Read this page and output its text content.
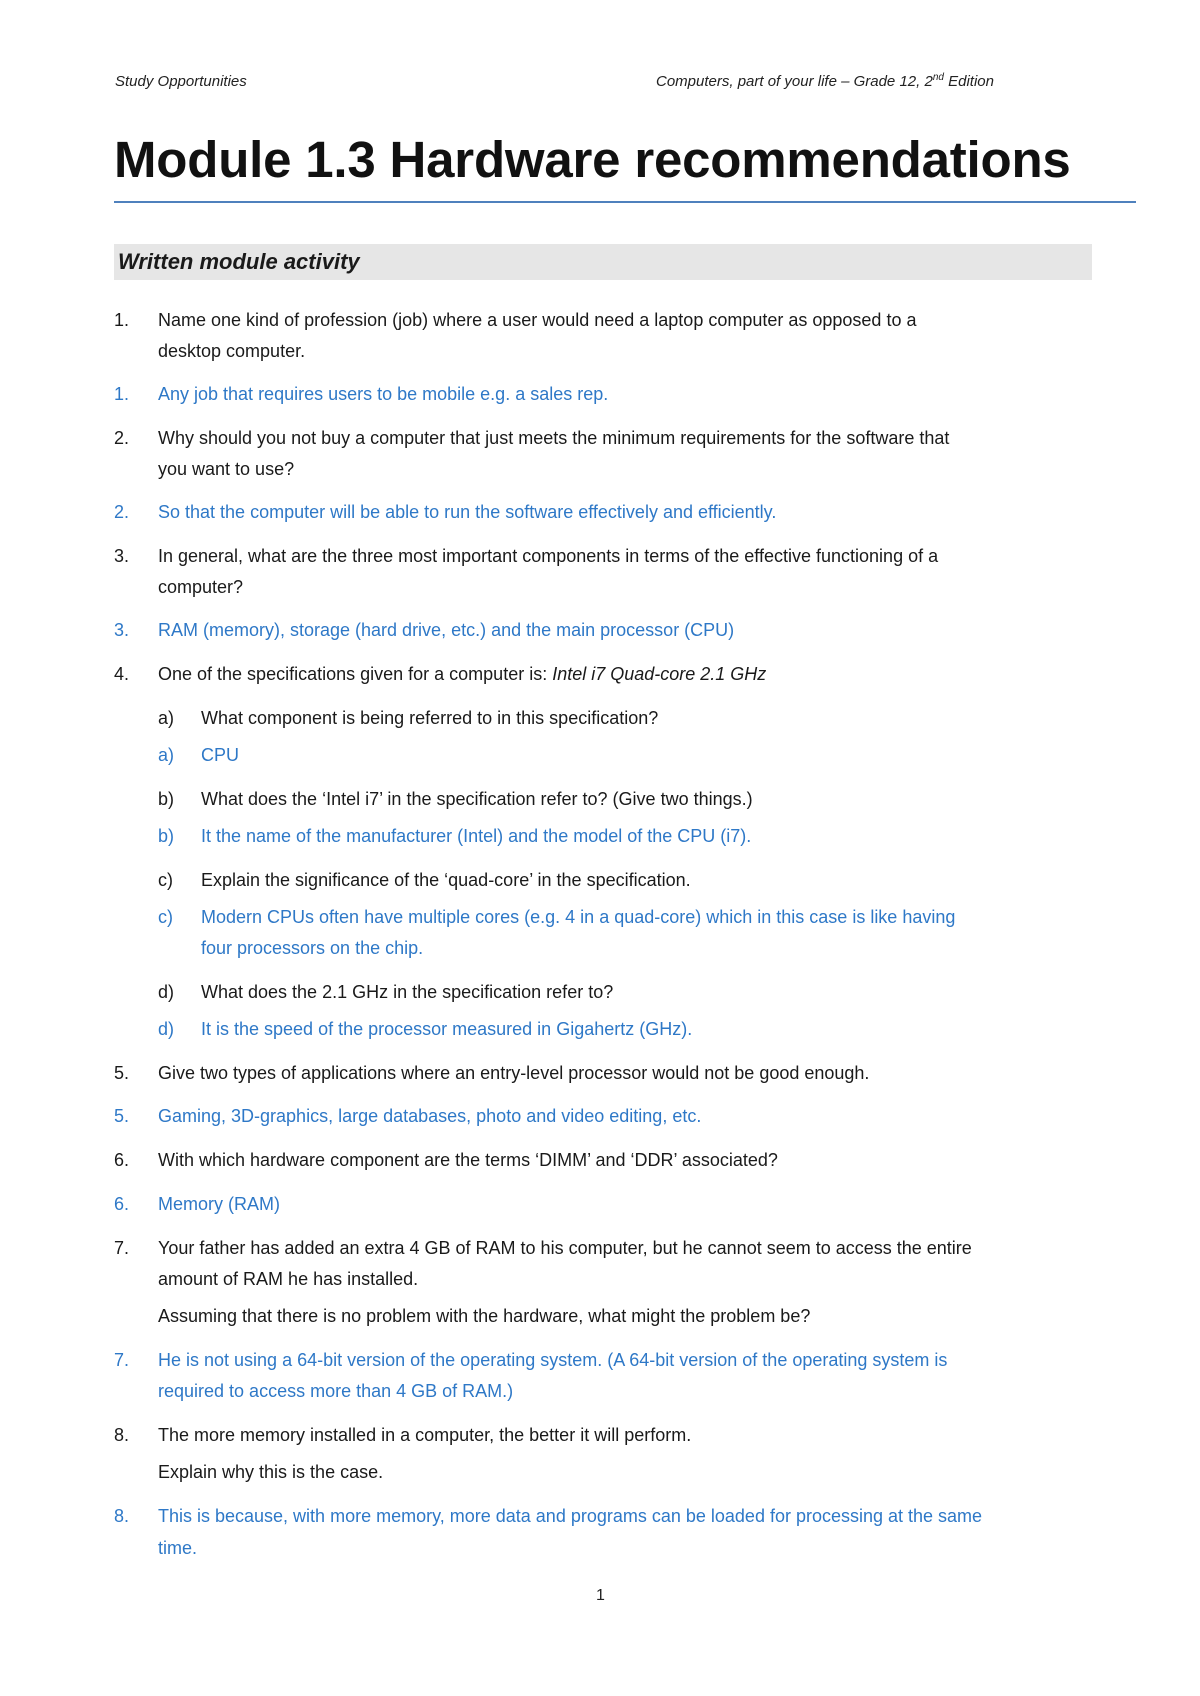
Study Opportunities	Computers, part of your life – Grade 12, 2nd Edition
Module 1.3 Hardware recommendations
Written module activity
1. Name one kind of profession (job) where a user would need a laptop computer as opposed to a
desktop computer.
1. Any job that requires users to be mobile e.g. a sales rep.
2. Why should you not buy a computer that just meets the minimum requirements for the software that
you want to use?
2. So that the computer will be able to run the software effectively and efficiently.
3. In general, what are the three most important components in terms of the effective functioning of a
computer?
3. RAM (memory), storage (hard drive, etc.) and the main processor (CPU)
4. One of the specifications given for a computer is: Intel i7 Quad-core 2.1 GHz
a) What component is being referred to in this specification?
a) CPU
b) What does the ‘Intel i7’ in the specification refer to? (Give two things.)
b) It the name of the manufacturer (Intel) and the model of the CPU (i7).
c) Explain the significance of the ‘quad-core’ in the specification.
c) Modern CPUs often have multiple cores (e.g. 4 in a quad-core) which in this case is like having
four processors on the chip.
d) What does the 2.1 GHz in the specification refer to?
d) It is the speed of the processor measured in Gigahertz (GHz).
5. Give two types of applications where an entry-level processor would not be good enough.
5. Gaming, 3D-graphics, large databases, photo and video editing, etc.
6. With which hardware component are the terms ‘DIMM’ and ‘DDR’ associated?
6. Memory (RAM)
7. Your father has added an extra 4 GB of RAM to his computer, but he cannot seem to access the entire
amount of RAM he has installed.
Assuming that there is no problem with the hardware, what might the problem be?
7. He is not using a 64-bit version of the operating system. (A 64-bit version of the operating system is
required to access more than 4 GB of RAM.)
8. The more memory installed in a computer, the better it will perform.
Explain why this is the case.
8. This is because, with more memory, more data and programs can be loaded for processing at the same
time.
1
